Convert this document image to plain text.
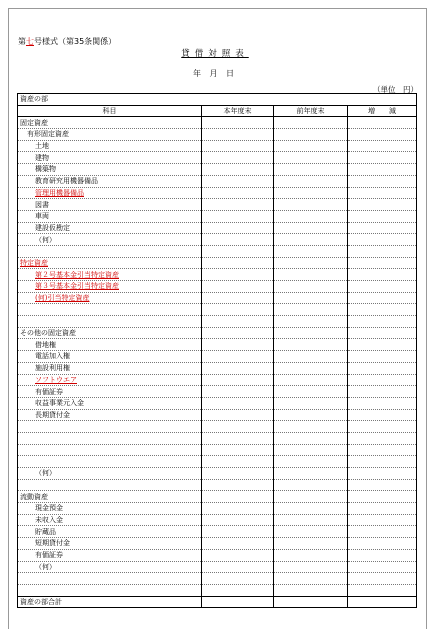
第七号様式（第35条関係）
貸借対照表
年 月 日
（単位　円）
資産の部			
科目	本年度末	前年度末	増　　減
固定資産			
有形固定資産			
土地			
建物			
構築物			
教育研究用機器備品			
管理用機器備品			
図書			
車両			
建設仮勘定			
（何）			

特定資産			
第２号基本金引当特定資産			
第３号基本金引当特定資産			
(何)引当特定資産			

その他の固定資産			
借地権			
電話加入権			
施設利用権			
ソフトウエア			
有価証券			
収益事業元入金			
長期貸付金			

（何）			

流動資産			
現金預金			
未収入金			
貯蔵品			
短期貸付金			
有価証券			
（何）			

資産の部合計			
